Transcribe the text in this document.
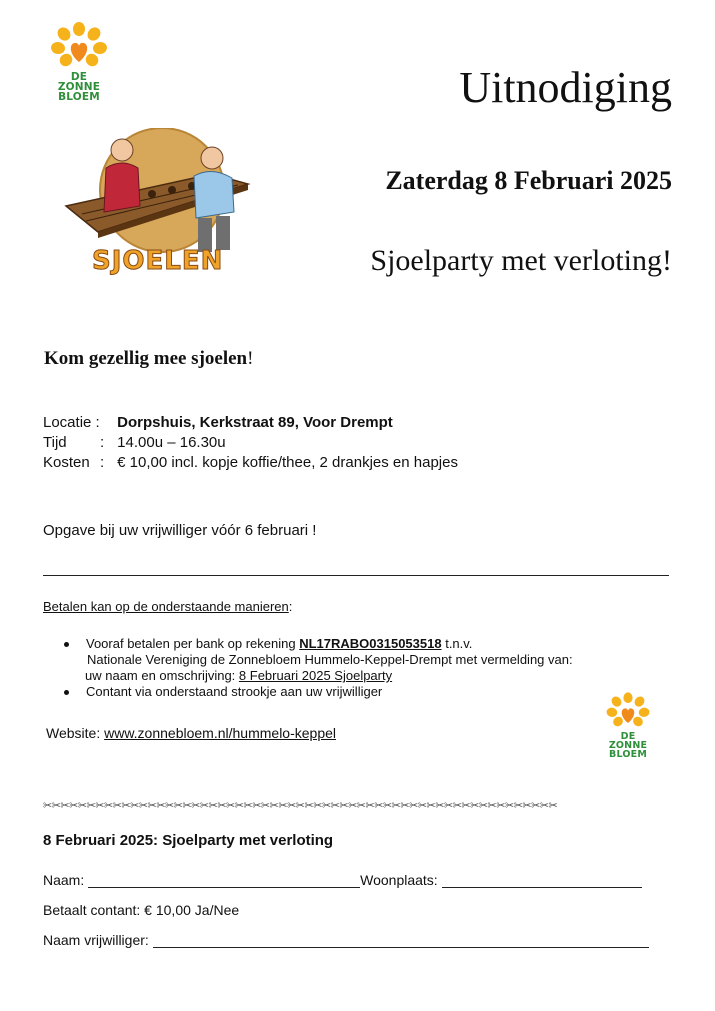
DE
ZONNE
BLOEM	Uitnodiging
SJOELEN
Zaterdag 8 Februari 2025
Sjoelparty met verloting!
Kom gezellig mee sjoelen!
Locatie : Dorpshuis, Kerkstraat 89, Voor Drempt
Tijd : 14.00u – 16.30u
Kosten : € 10,00 incl. kopje koffie/thee, 2 drankjes en hapjes
Opgave bij uw vrijwilliger vóór 6 februari !
Betalen kan op de onderstaande manieren:
Vooraf betalen per bank op rekening NL17RABO0315053518 t.n.v.
Nationale Vereniging de Zonnebloem Hummelo-Keppel-Drempt met vermelding van:
uw naam en omschrijving: 8 Februari 2025 Sjoelparty
Contant via onderstaand strookje aan uw vrijwilliger
Website: www.zonnebloem.nl/hummelo-keppel	DE
ZONNE
BLOEM
✂✂✂✂✂✂✂✂✂✂✂✂✂✂✂✂✂✂✂✂✂✂✂✂✂✂✂✂✂✂✂✂✂✂✂✂✂✂✂✂✂✂✂✂✂✂✂✂✂✂✂✂✂✂✂✂✂✂✂
8 Februari 2025: Sjoelparty met verloting
Naam:	Woonplaats:
Betaalt contant: € 10,00 Ja/Nee
Naam vrijwilliger:
